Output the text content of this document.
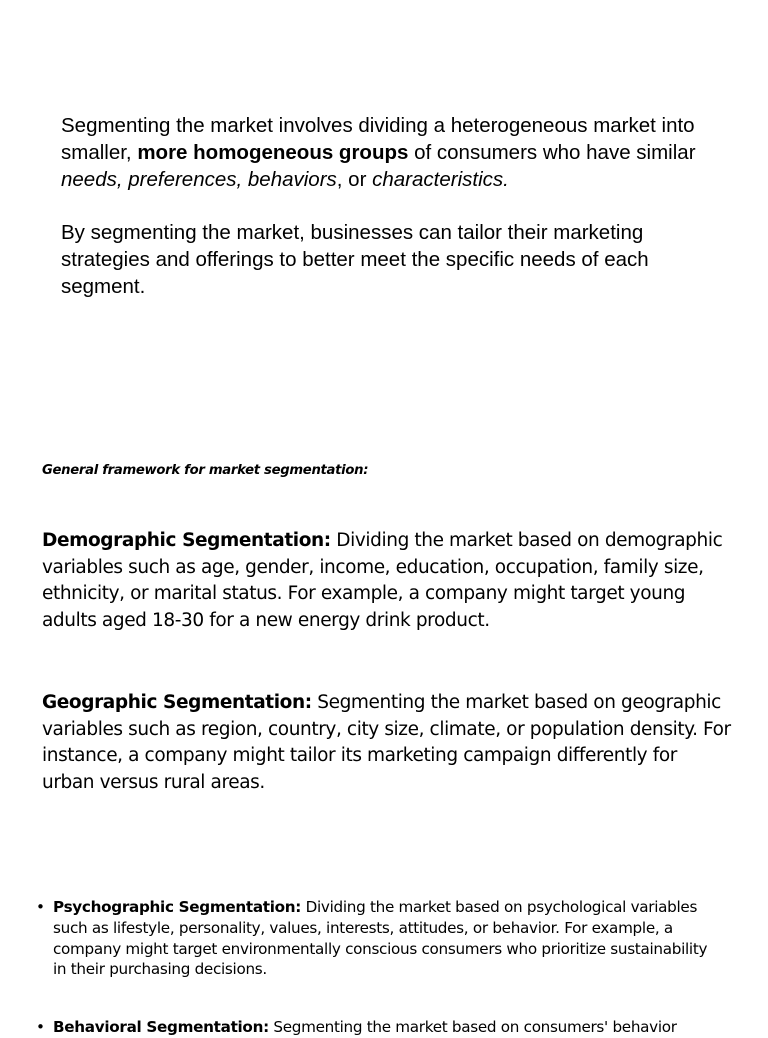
Segmenting the market involves dividing a heterogeneous market into smaller, more homogeneous groups of consumers who have similar needs, preferences, behaviors, or characteristics.

By segmenting the market, businesses can tailor their marketing strategies and offerings to better meet the specific needs of each segment.

General framework for market segmentation:

Demographic Segmentation: Dividing the market based on demographic variables such as age, gender, income, education, occupation, family size, ethnicity, or marital status. For example, a company might target young adults aged 18-30 for a new energy drink product.

Geographic Segmentation: Segmenting the market based on geographic variables such as region, country, city size, climate, or population density. For instance, a company might tailor its marketing campaign differently for urban versus rural areas.

• Psychographic Segmentation: Dividing the market based on psychological variables such as lifestyle, personality, values, interests, attitudes, or behavior. For example, a company might target environmentally conscious consumers who prioritize sustainability in their purchasing decisions.
• Behavioral Segmentation: Segmenting the market based on consumers' behavior
